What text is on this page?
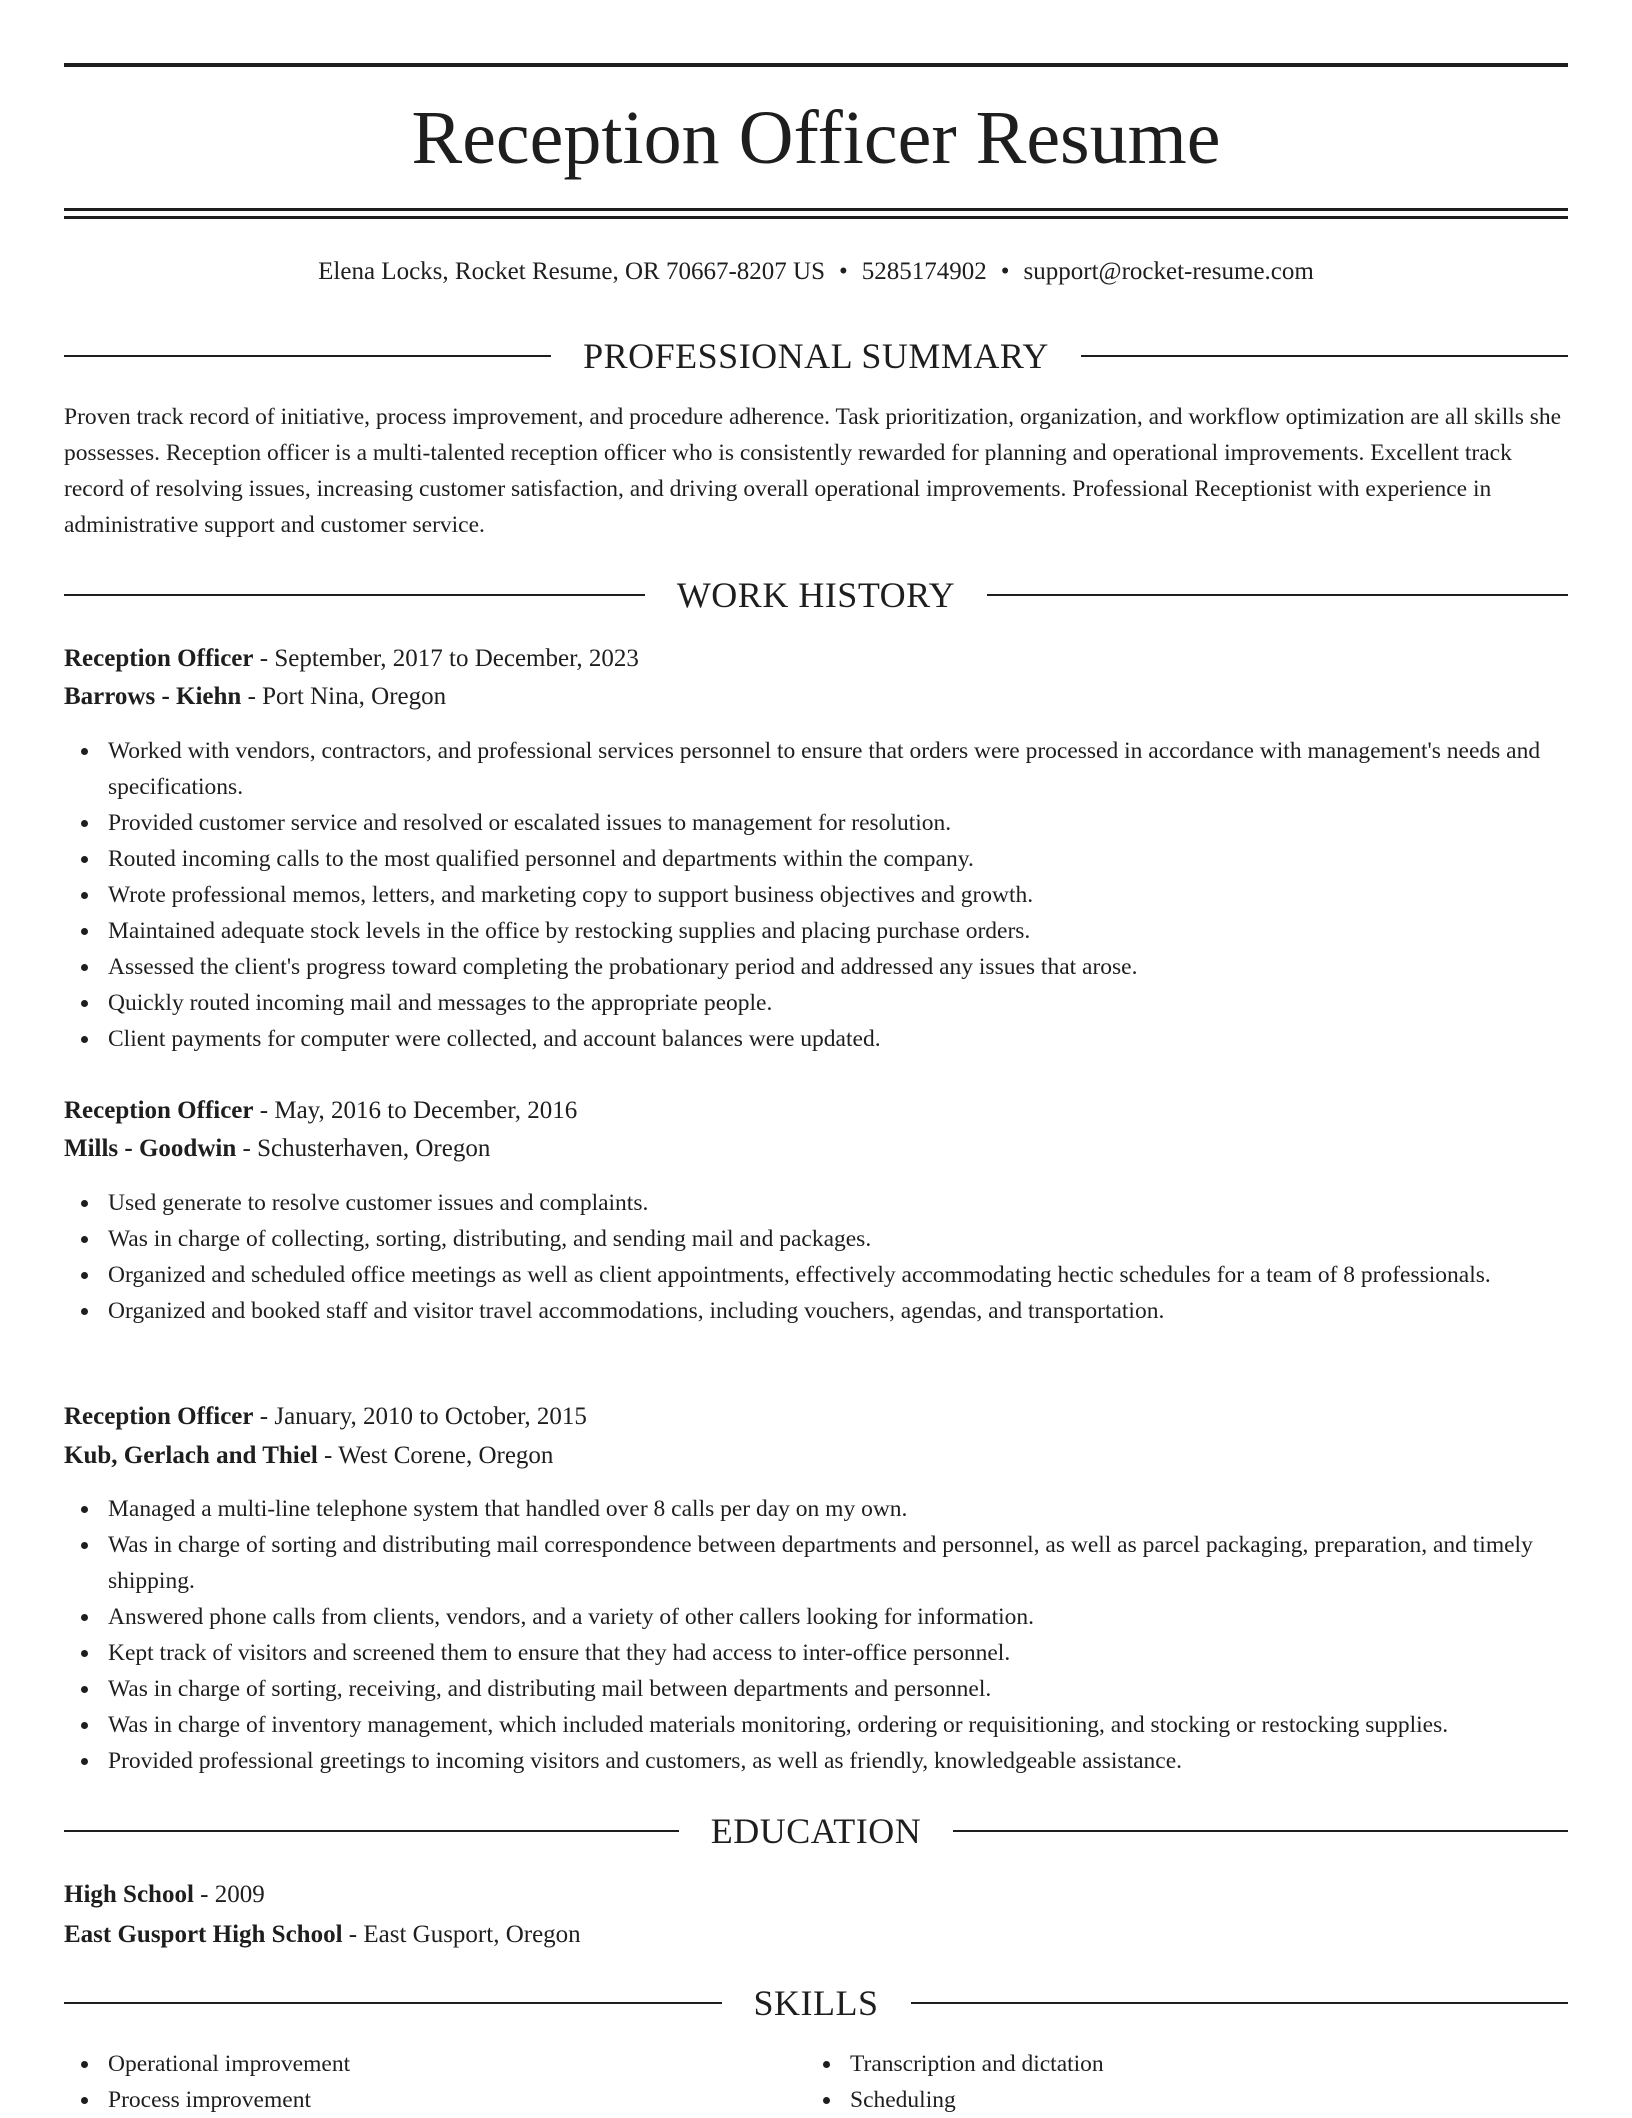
Reception Officer Resume
Elena Locks, Rocket Resume, OR 70667-8207 US • 5285174902 • support@rocket-resume.com
PROFESSIONAL SUMMARY

Proven track record of initiative, process improvement, and procedure adherence. Task prioritization, organization, and workflow optimization are all skills she possesses. Reception officer is a multi-talented reception officer who is consistently rewarded for planning and operational improvements. Excellent track record of resolving issues, increasing customer satisfaction, and driving overall operational improvements. Professional Receptionist with experience in administrative support and customer service.

WORK HISTORY
Reception Officer - September, 2017 to December, 2023
Barrows - Kiehn - Port Nina, Oregon
Worked with vendors, contractors, and professional services personnel to ensure that orders were processed in accordance with management's needs and specifications.
Provided customer service and resolved or escalated issues to management for resolution.
Routed incoming calls to the most qualified personnel and departments within the company.
Wrote professional memos, letters, and marketing copy to support business objectives and growth.
Maintained adequate stock levels in the office by restocking supplies and placing purchase orders.
Assessed the client's progress toward completing the probationary period and addressed any issues that arose.
Quickly routed incoming mail and messages to the appropriate people.
Client payments for computer were collected, and account balances were updated.
Reception Officer - May, 2016 to December, 2016
Mills - Goodwin - Schusterhaven, Oregon
Used generate to resolve customer issues and complaints.
Was in charge of collecting, sorting, distributing, and sending mail and packages.
Organized and scheduled office meetings as well as client appointments, effectively accommodating hectic schedules for a team of 8 professionals.
Organized and booked staff and visitor travel accommodations, including vouchers, agendas, and transportation.
Reception Officer - January, 2010 to October, 2015
Kub, Gerlach and Thiel - West Corene, Oregon
Managed a multi-line telephone system that handled over 8 calls per day on my own.
Was in charge of sorting and distributing mail correspondence between departments and personnel, as well as parcel packaging, preparation, and timely shipping.
Answered phone calls from clients, vendors, and a variety of other callers looking for information.
Kept track of visitors and screened them to ensure that they had access to inter-office personnel.
Was in charge of sorting, receiving, and distributing mail between departments and personnel.
Was in charge of inventory management, which included materials monitoring, ordering or requisitioning, and stocking or restocking supplies.
Provided professional greetings to incoming visitors and customers, as well as friendly, knowledgeable assistance.
EDUCATION
High School - 2009
East Gusport High School - East Gusport, Oregon
SKILLS
Operational improvement
Process improvement
Transcription and dictation
Scheduling
